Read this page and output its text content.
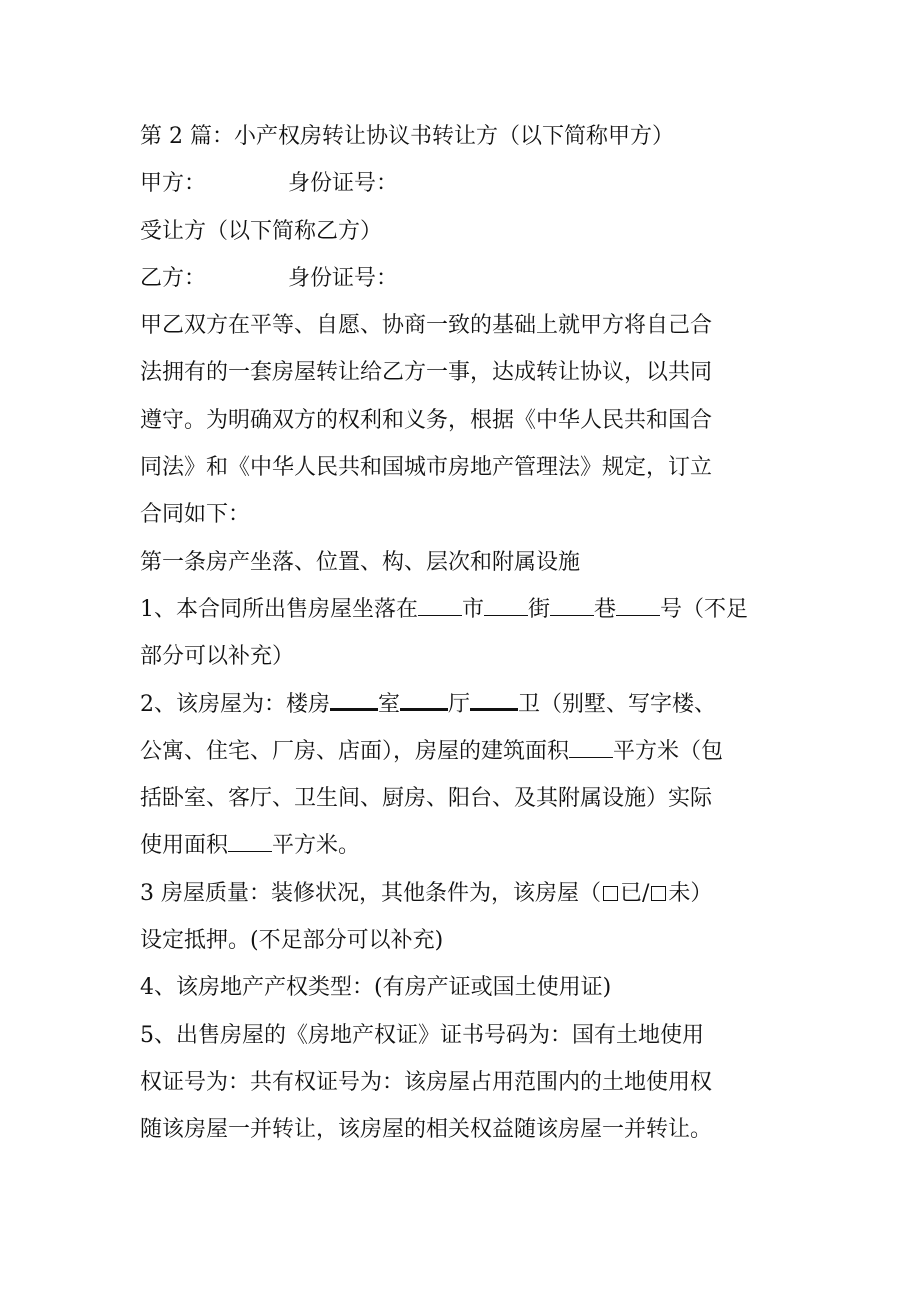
第 2 篇：小产权房转让协议书转让方（以下简称甲方）
甲方：	身份证号：
受让方（以下简称乙方）
乙方：	身份证号：
甲乙双方在平等、自愿、协商一致的基础上就甲方将自己合
法拥有的一套房屋转让给乙方一事，达成转让协议，以共同
遵守。为明确双方的权利和义务，根据《中华人民共和国合
同法》和《中华人民共和国城市房地产管理法》规定，订立
合同如下：
第一条房产坐落、位置、构、层次和附属设施
1、本合同所出售房屋坐落在 市 街 巷 号（不足
部分可以补充）
2、该房屋为：楼房 室 厅 卫（别墅、写字楼、
公寓、住宅、厂房、店面），房屋的建筑面积 平方米（包
括卧室、客厅、卫生间、厨房、阳台、及其附属设施）实际
使用面积 平方米。
3 房屋质量：装修状况，其他条件为，该房屋（ 已/ 未）
设定抵押。(不足部分可以补充)
4、该房地产产权类型：(有房产证或国土使用证)
5、出售房屋的《房地产权证》证书号码为：国有土地使用
权证号为：共有权证号为：该房屋占用范围内的土地使用权
随该房屋一并转让，该房屋的相关权益随该房屋一并转让。
